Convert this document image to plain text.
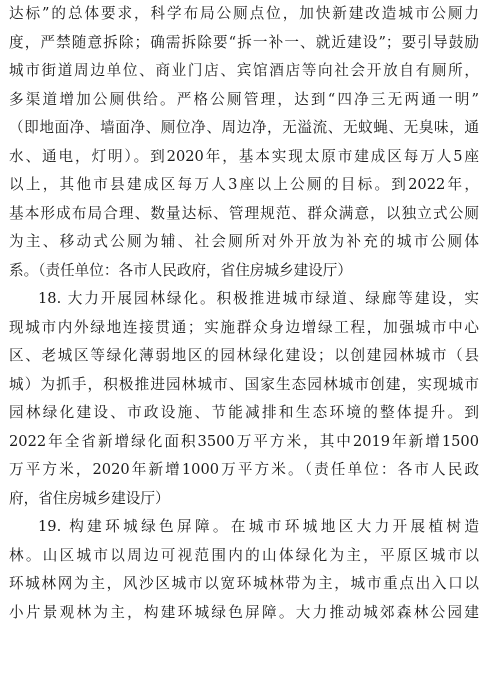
达标”的总体要求，科学布局公厕点位，加快新建改造城市公厕力
度，严禁随意拆除；确需拆除要“拆一补一、就近建设”；要引导鼓励
城市街道周边单位、商业门店、宾馆酒店等向社会开放自有厕所，
多渠道增加公厕供给。严格公厕管理，达到“四净三无两通一明”
（即地面净、墙面净、厕位净、周边净，无溢流、无蚊蝇、无臭味，通
水、通电，灯明）。到2020年，基本实现太原市建成区每万人5座
以上，其他市县建成区每万人3座以上公厕的目标。到2022年，
基本形成布局合理、数量达标、管理规范、群众满意，以独立式公厕
为主、移动式公厕为辅、社会厕所对外开放为补充的城市公厕体
系。（责任单位：各市人民政府，省住房城乡建设厅）
18. 大力开展园林绿化。积极推进城市绿道、绿廊等建设，实
现城市内外绿地连接贯通；实施群众身边增绿工程，加强城市中心
区、老城区等绿化薄弱地区的园林绿化建设；以创建园林城市（县
城）为抓手，积极推进园林城市、国家生态园林城市创建，实现城市
园林绿化建设、市政设施、节能减排和生态环境的整体提升。到
2022年全省新增绿化面积3500万平方米，其中2019年新增1500
万平方米，2020年新增1000万平方米。（责任单位：各市人民政
府，省住房城乡建设厅）
19. 构建环城绿色屏障。在城市环城地区大力开展植树造
林。山区城市以周边可视范围内的山体绿化为主，平原区城市以
环城林网为主，风沙区城市以宽环城林带为主，城市重点出入口以
小片景观林为主，构建环城绿色屏障。大力推动城郊森林公园建
